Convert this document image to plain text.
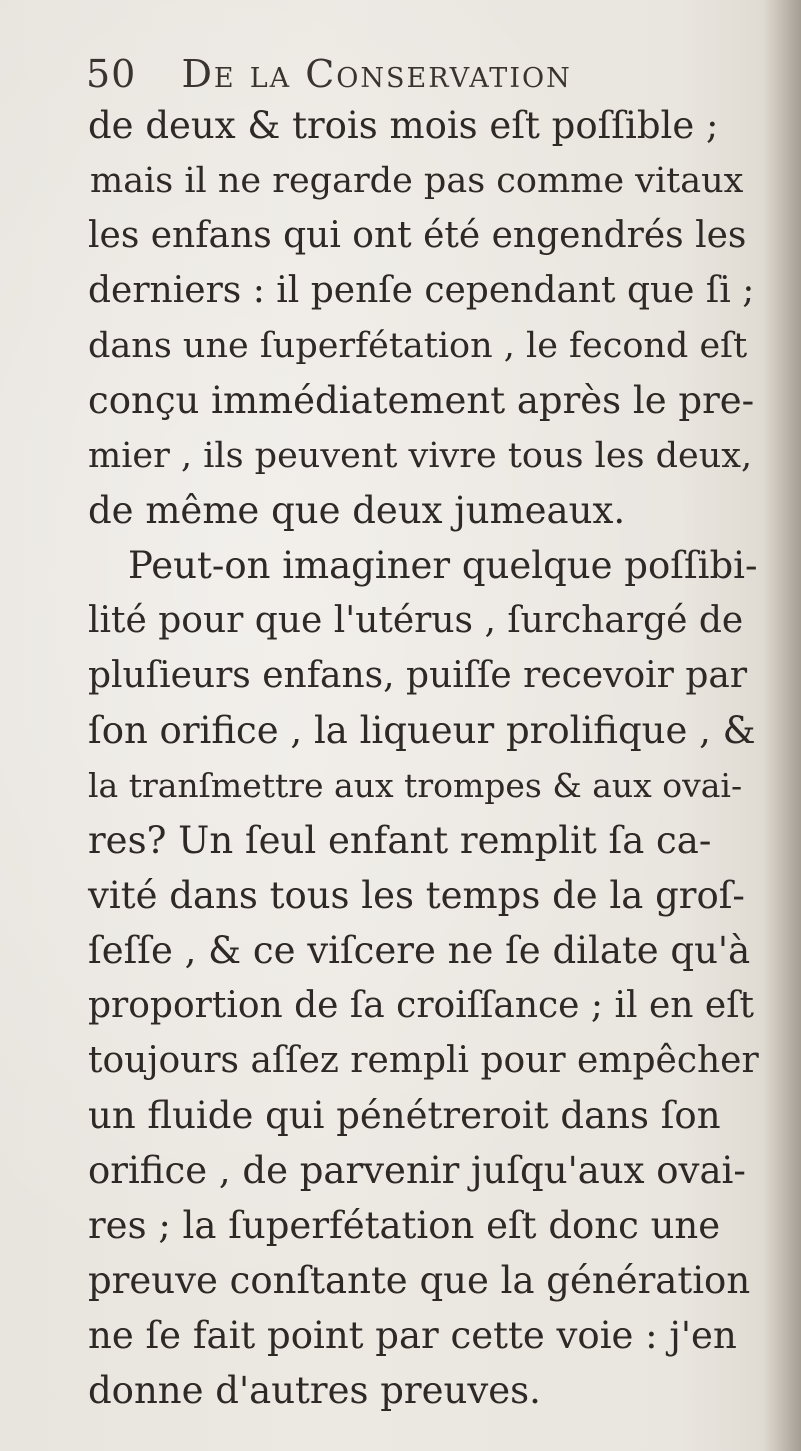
50 De la Conservation
de deux & trois mois eſt poſſible ;
mais il ne regarde pas comme vitaux
les enfans qui ont été engendrés les
derniers : il penſe cependant que ſi ;
dans une ſuperfétation , le fecond eſt
conçu immédiatement après le pre-
mier , ils peuvent vivre tous les deux,
de même que deux jumeaux.
Peut-on imaginer quelque poſſibi-
lité pour que l'utérus , ſurchargé de
pluſieurs enfans, puiſſe recevoir par
ſon orifice , la liqueur prolifique , &
la tranſmettre aux trompes & aux ovai-
res? Un ſeul enfant remplit ſa ca-
vité dans tous les temps de la groſ-
ſeſſe , & ce viſcere ne ſe dilate qu'à
proportion de ſa croiſſance ; il en eſt
toujours aſſez rempli pour empêcher
un fluide qui pénétreroit dans ſon
orifice , de parvenir juſqu'aux ovai-
res ; la ſuperfétation eſt donc une
preuve conſtante que la génération
ne ſe fait point par cette voie : j'en
donne d'autres preuves.
